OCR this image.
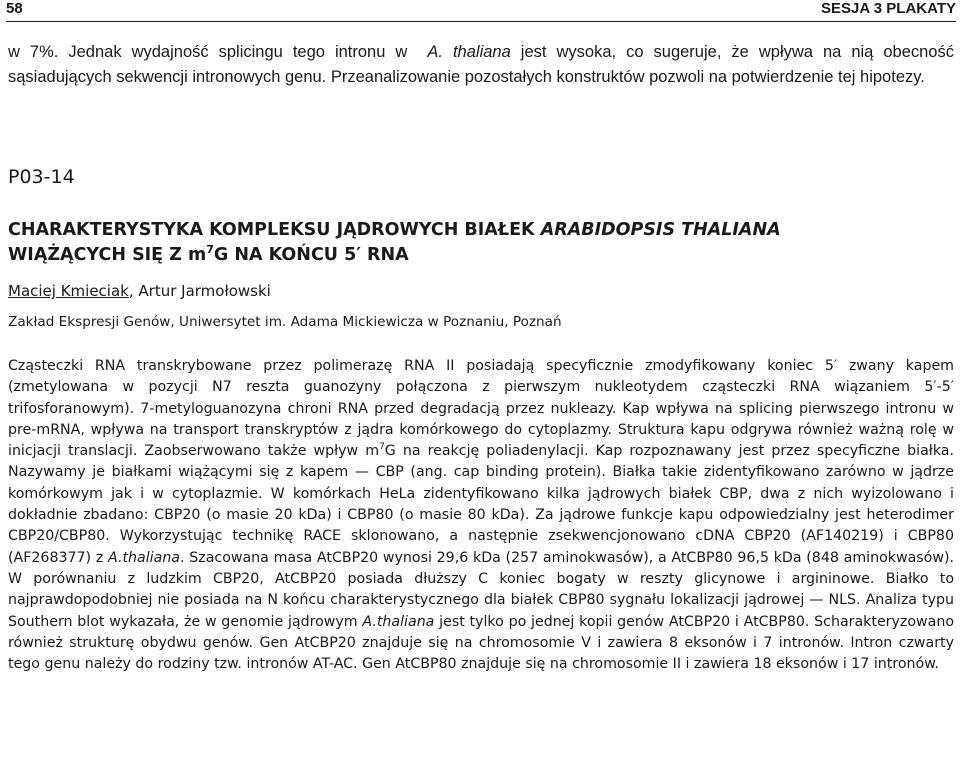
58	SESJA 3 PLAKATY

w 7%. Jednak wydajność splicingu tego intronu w A. thaliana jest wysoka, co sugeruje, że wpływa na nią obecność sąsiadujących sekwencji intronowych genu. Przeanalizowanie pozostałych konstruktów pozwoli na potwierdzenie tej hipotezy.

P03-14
CHARAKTERYSTYKA KOMPLEKSU JĄDROWYCH BIAŁEK ARABIDOPSIS THALIANA
WIĄŻĄCYCH SIĘ Z $m^7G$ NA KOŃCU 5′ RNA
Maciej Kmieciak, Artur Jarmołowski
Zakład Ekspresji Genów, Uniwersytet im. Adama Mickiewicza w Poznaniu, Poznań

Cząsteczki RNA transkrybowane przez polimerazę RNA II posiadają specyficznie zmodyfikowany koniec 5′ zwany kapem (zmetylowana w pozycji N7 reszta guanozyny połączona z pierwszym nukleotydem cząsteczki RNA wiązaniem 5′-5′ trifosforanowym). 7-metyloguanozyna chroni RNA przed degradacją przez nukleazy. Kap wpływa na splicing pierwszego intronu w pre-mRNA, wpływa na transport transkryptów z jądra komórkowego do cytoplazmy. Struktura kapu odgrywa również ważną rolę w inicjacji translacji. Zaobserwowano także wpływ $m^7G$ na reakcję poliadenylacji. Kap rozpoznawany jest przez specyficzne białka. Nazywamy je białkami wiążącymi się z kapem — CBP (ang. cap binding protein). Białka takie zidentyfikowano zarówno w jądrze komórkowym jak i w cytoplazmie. W komórkach HeLa zidentyfikowano kilka jądrowych białek CBP, dwa z nich wyizolowano i dokładnie zbadano: CBP20 (o masie 20 kDa) i CBP80 (o masie 80 kDa). Za jądrowe funkcje kapu odpowiedzialny jest heterodimer CBP20/CBP80. Wykorzystując technikę RACE sklonowano, a następnie zsekwencjonowano cDNA CBP20 (AF140219) i CBP80 (AF268377) z A.thaliana. Szacowana masa AtCBP20 wynosi 29,6 kDa (257 aminokwasów), a AtCBP80 96,5 kDa (848 aminokwasów). W porównaniu z ludzkim CBP20, AtCBP20 posiada dłuższy C koniec bogaty w reszty glicynowe i argininowe. Białko to najprawdopodobniej nie posiada na N końcu charakterystycznego dla białek CBP80 sygnału lokalizacji jądrowej — NLS. Analiza typu Southern blot wykazała, że w genomie jądrowym A.thaliana jest tylko po jednej kopii genów AtCBP20 i AtCBP80. Scharakteryzowano również strukturę obydwu genów. Gen AtCBP20 znajduje się na chromosomie V i zawiera 8 eksonów i 7 intronów. Intron czwarty tego genu należy do rodziny tzw. intronów AT-AC. Gen AtCBP80 znajduje się na chromosomie II i zawiera 18 eksonów i 17 intronów.
